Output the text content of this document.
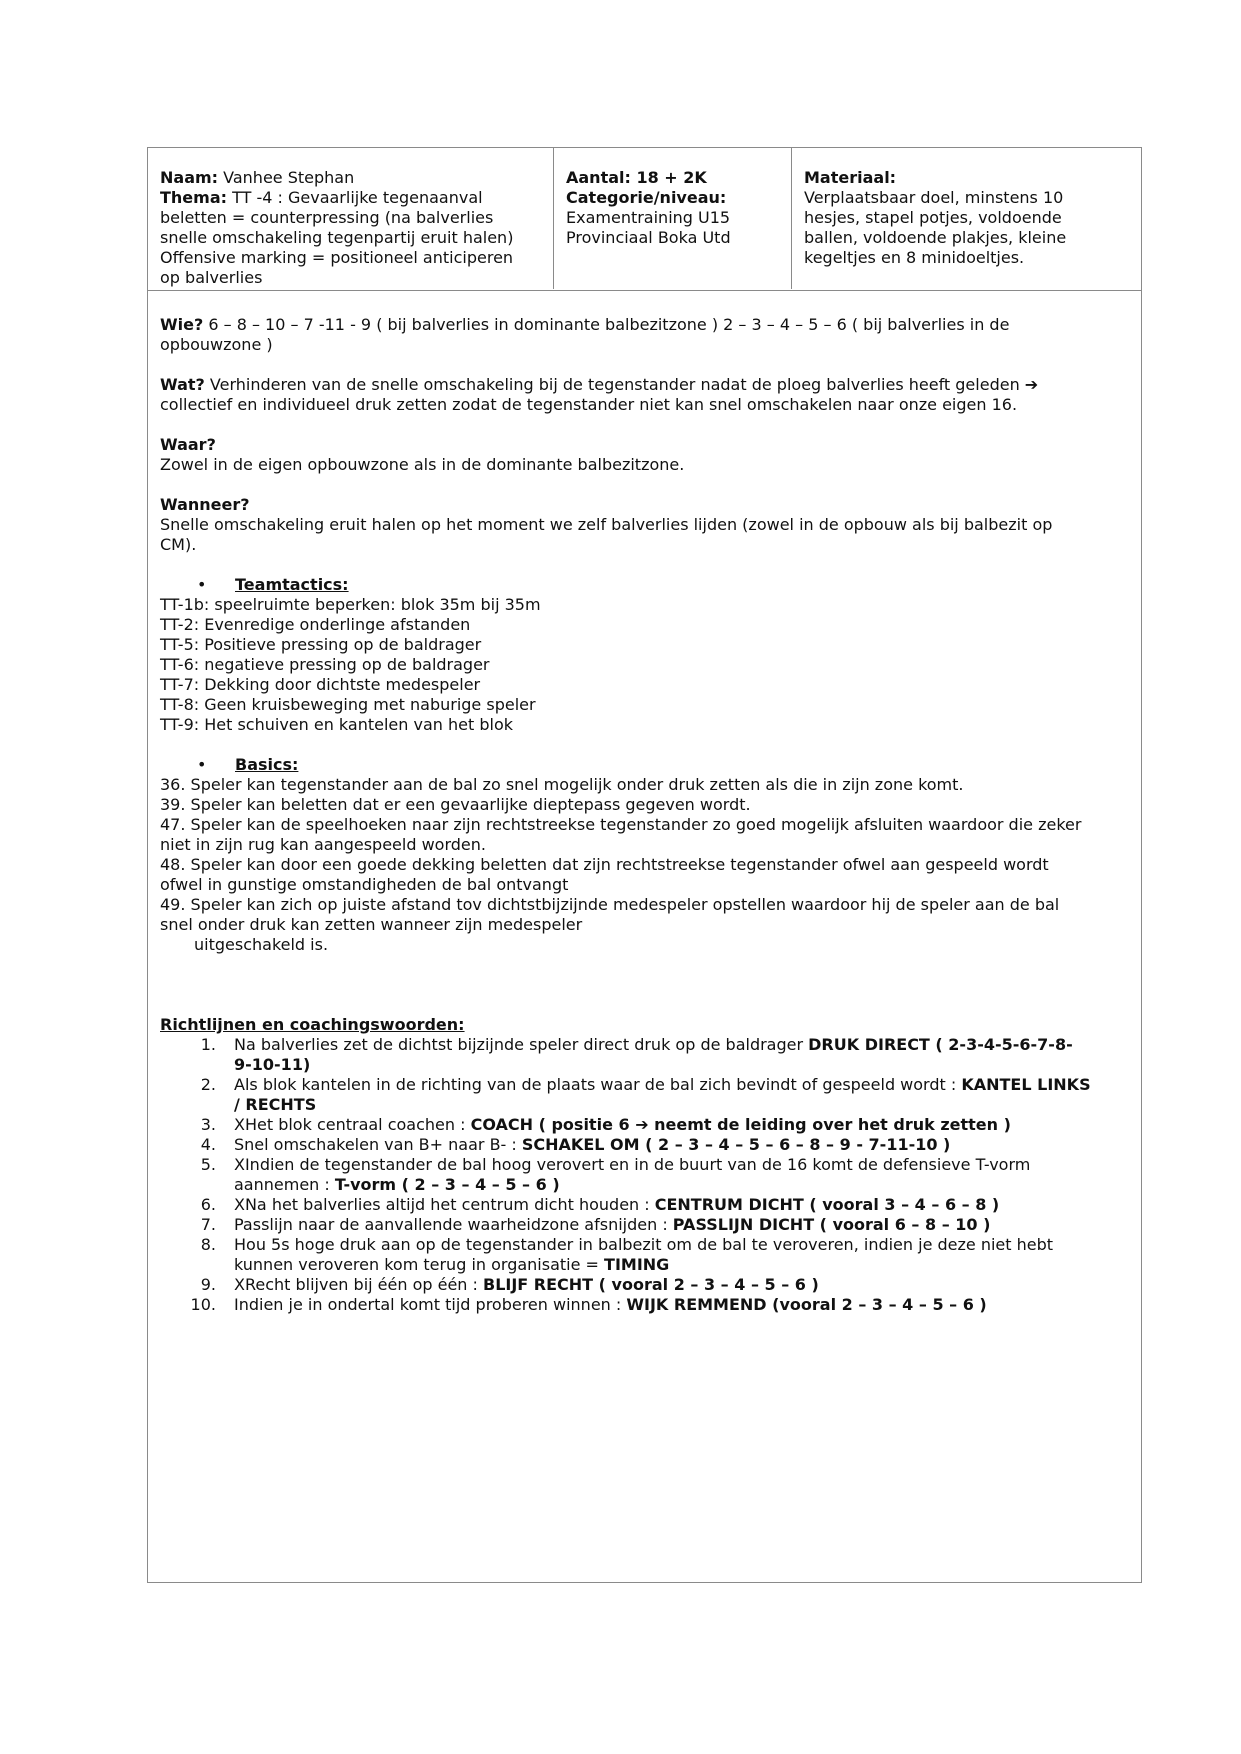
Naam: Vanhee Stephan
Thema: TT -4 : Gevaarlijke tegenaanval
beletten = counterpressing (na balverlies
snelle omschakeling tegenpartij eruit halen)
Offensive marking = positioneel anticiperen
op balverlies
Aantal: 18 + 2K
Categorie/niveau:
Examentraining U15
Provinciaal Boka Utd
Materiaal:
Verplaatsbaar doel, minstens 10
hesjes, stapel potjes, voldoende
ballen, voldoende plakjes, kleine
kegeltjes en 8 minidoeltjes.
Wie? 6 – 8 – 10 – 7 -11 - 9 ( bij balverlies in dominante balbezitzone ) 2 – 3 – 4 – 5 – 6 ( bij balverlies in de
opbouwzone )
Wat? Verhinderen van de snelle omschakeling bij de tegenstander nadat de ploeg balverlies heeft geleden ➔
collectief en individueel druk zetten zodat de tegenstander niet kan snel omschakelen naar onze eigen 16.
Waar?
Zowel in de eigen opbouwzone als in de dominante balbezitzone.
Wanneer?
Snelle omschakeling eruit halen op het moment we zelf balverlies lijden (zowel in de opbouw als bij balbezit op
CM).
• Teamtactics:
TT-1b: speelruimte beperken: blok 35m bij 35m
TT-2: Evenredige onderlinge afstanden
TT-5: Positieve pressing op de baldrager
TT-6: negatieve pressing op de baldrager
TT-7: Dekking door dichtste medespeler
TT-8: Geen kruisbeweging met naburige speler
TT-9: Het schuiven en kantelen van het blok
• Basics:
36. Speler kan tegenstander aan de bal zo snel mogelijk onder druk zetten als die in zijn zone komt.
39. Speler kan beletten dat er een gevaarlijke dieptepass gegeven wordt.
47. Speler kan de speelhoeken naar zijn rechtstreekse tegenstander zo goed mogelijk afsluiten waardoor die zeker
niet in zijn rug kan aangespeeld worden.
48. Speler kan door een goede dekking beletten dat zijn rechtstreekse tegenstander ofwel aan gespeeld wordt
ofwel in gunstige omstandigheden de bal ontvangt
49. Speler kan zich op juiste afstand tov dichtstbijzijnde medespeler opstellen waardoor hij de speler aan de bal
snel onder druk kan zetten wanneer zijn medespeler
uitgeschakeld is.
Richtlijnen en coachingswoorden:
1. Na balverlies zet de dichtst bijzijnde speler direct druk op de baldrager DRUK DIRECT ( 2-3-4-5-6-7-8-
9-10-11)
2. Als blok kantelen in de richting van de plaats waar de bal zich bevindt of gespeeld wordt : KANTEL LINKS
/ RECHTS
3. XHet blok centraal coachen : COACH ( positie 6 ➔ neemt de leiding over het druk zetten )
4. Snel omschakelen van B+ naar B- : SCHAKEL OM ( 2 – 3 – 4 – 5 – 6 – 8 – 9 - 7-11-10 )
5. XIndien de tegenstander de bal hoog verovert en in de buurt van de 16 komt de defensieve T-vorm
aannemen : T-vorm ( 2 – 3 – 4 – 5 – 6 )
6. XNa het balverlies altijd het centrum dicht houden : CENTRUM DICHT ( vooral 3 – 4 – 6 – 8 )
7. Passlijn naar de aanvallende waarheidzone afsnijden : PASSLIJN DICHT ( vooral 6 – 8 – 10 )
8. Hou 5s hoge druk aan op de tegenstander in balbezit om de bal te veroveren, indien je deze niet hebt
kunnen veroveren kom terug in organisatie = TIMING
9. XRecht blijven bij één op één : BLIJF RECHT ( vooral 2 – 3 – 4 – 5 – 6 )
10. Indien je in ondertal komt tijd proberen winnen : WIJK REMMEND (vooral 2 – 3 – 4 – 5 – 6 )
